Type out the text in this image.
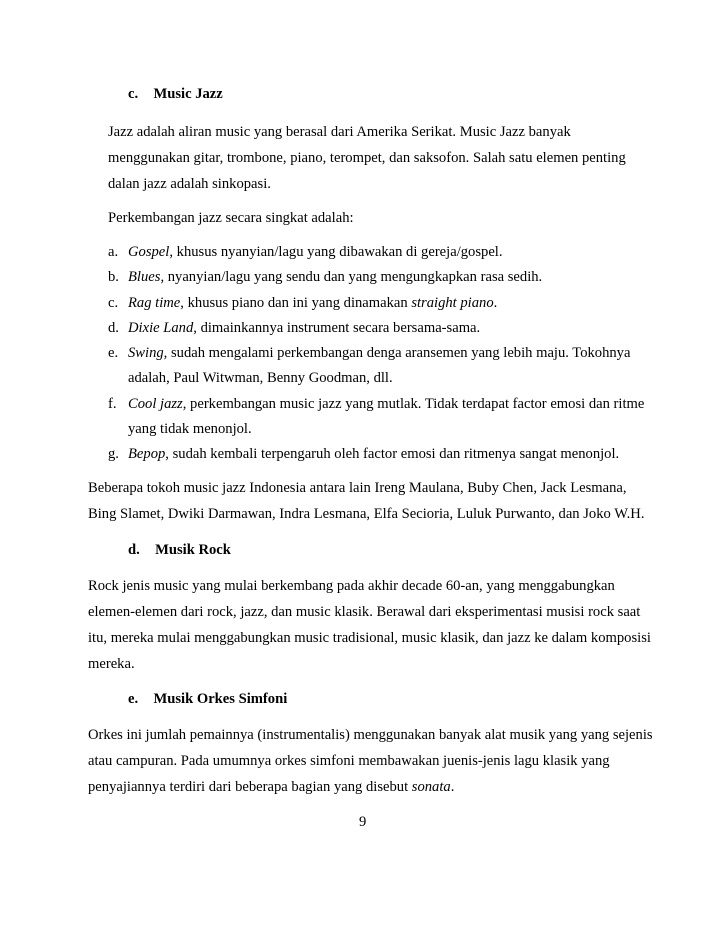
c. Music Jazz
Jazz adalah aliran music yang berasal dari Amerika Serikat. Music Jazz banyak
menggunakan gitar, trombone, piano, terompet, dan saksofon. Salah satu elemen penting
dalan jazz adalah sinkopasi.
Perkembangan jazz secara singkat adalah:
a. Gospel, khusus nyanyian/lagu yang dibawakan di gereja/gospel.
b. Blues, nyanyian/lagu yang sendu dan yang mengungkapkan rasa sedih.
c. Rag time, khusus piano dan ini yang dinamakan straight piano.
d. Dixie Land, dimainkannya instrument secara bersama-sama.
e. Swing, sudah mengalami perkembangan denga aransemen yang lebih maju. Tokohnya
adalah, Paul Witwman, Benny Goodman, dll.
f. Cool jazz, perkembangan music jazz yang mutlak. Tidak terdapat factor emosi dan ritme
yang tidak menonjol.
g. Bepop, sudah kembali terpengaruh oleh factor emosi dan ritmenya sangat menonjol.
Beberapa tokoh music jazz Indonesia antara lain Ireng Maulana, Buby Chen, Jack Lesmana,
Bing Slamet, Dwiki Darmawan, Indra Lesmana, Elfa Secioria, Luluk Purwanto, dan Joko W.H.
d. Musik Rock
Rock jenis music yang mulai berkembang pada akhir decade 60-an, yang menggabungkan
elemen-elemen dari rock, jazz, dan music klasik. Berawal dari eksperimentasi musisi rock saat
itu, mereka mulai menggabungkan music tradisional, music klasik, dan jazz ke dalam komposisi
mereka.
e. Musik Orkes Simfoni
Orkes ini jumlah pemainnya (instrumentalis) menggunakan banyak alat musik yang yang sejenis
atau campuran. Pada umumnya orkes simfoni membawakan juenis-jenis lagu klasik yang
penyajiannya terdiri dari beberapa bagian yang disebut sonata.
9
